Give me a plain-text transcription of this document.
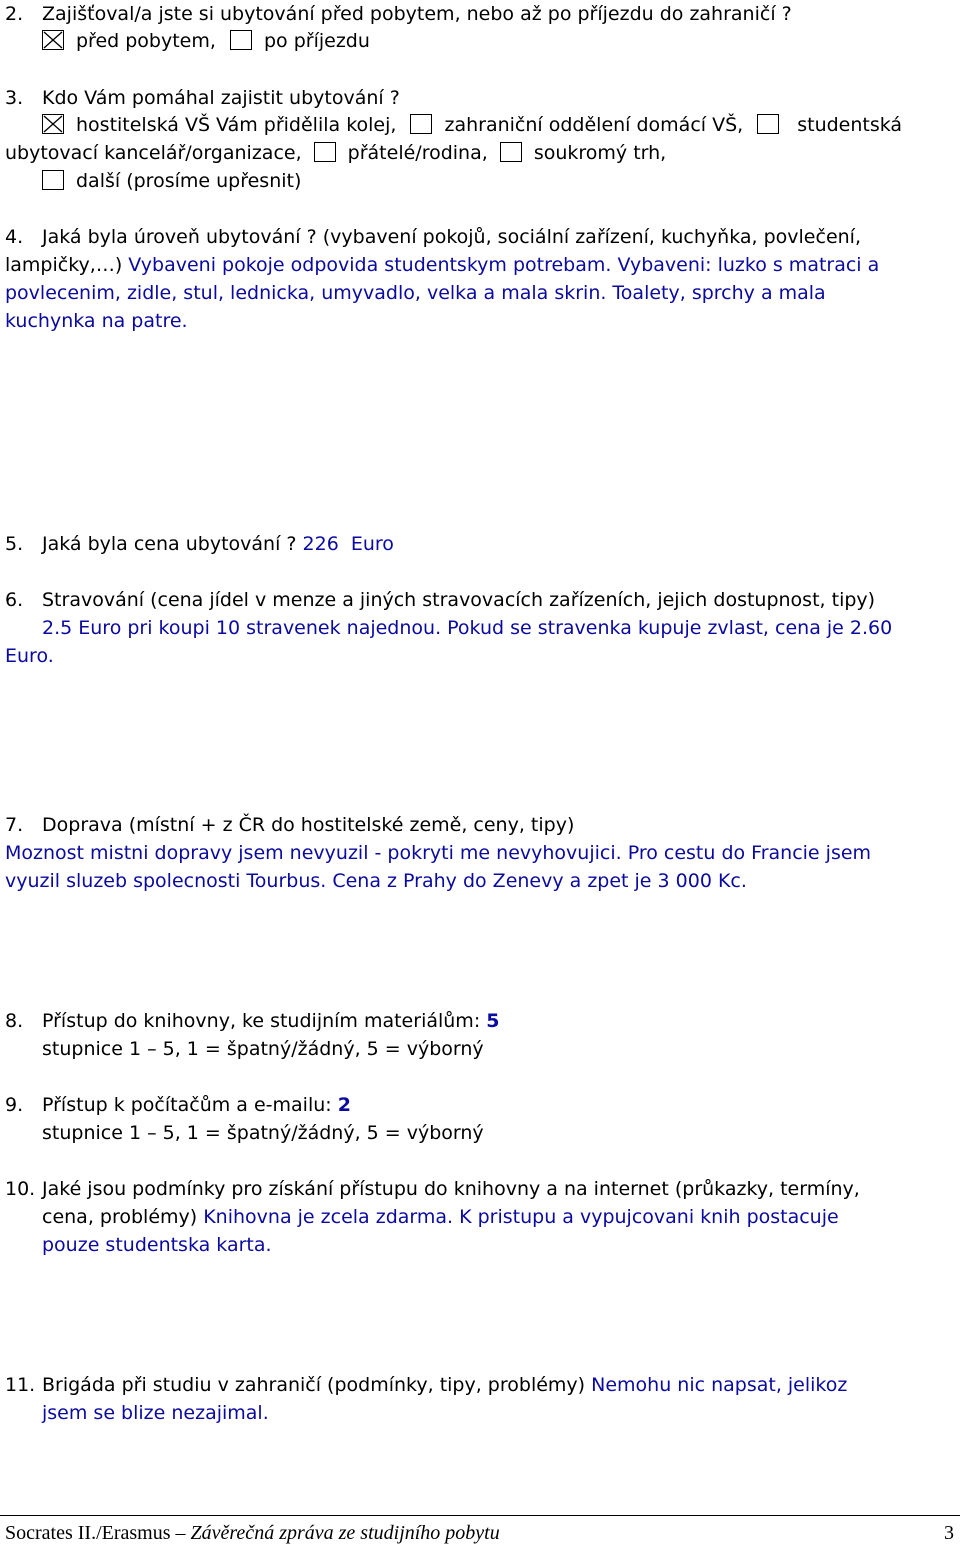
2. Zajišťoval/a jste si ubytování před pobytem, nebo až po příjezdu do zahraničí ?
před pobytem,	po příjezdu
3. Kdo Vám pomáhal zajistit ubytování ?
hostitelská VŠ Vám přidělila kolej,	zahraniční oddělení domácí VŠ,	studentská
ubytovací kancelář/organizace, přátelé/rodina, soukromý trh,
další (prosíme upřesnit)
4. Jaká byla úroveň ubytování ? (vybavení pokojů, sociální zařízení, kuchyňka, povlečení,
lampičky,…) Vybaveni pokoje odpovida studentskym potrebam. Vybaveni: luzko s matraci a
povlecenim, zidle, stul, lednicka, umyvadlo, velka a mala skrin. Toalety, sprchy a mala
kuchynka na patre.
5. Jaká byla cena ubytování ? 226  Euro
6. Stravování (cena jídel v menze a jiných stravovacích zařízeních, jejich dostupnost, tipy)
2.5 Euro pri koupi 10 stravenek najednou. Pokud se stravenka kupuje zvlast, cena je 2.60
Euro.
7. Doprava (místní + z ČR do hostitelské země, ceny, tipy)
Moznost mistni dopravy jsem nevyuzil - pokryti me nevyhovujici. Pro cestu do Francie jsem
vyuzil sluzeb spolecnosti Tourbus. Cena z Prahy do Zenevy a zpet je 3 000 Kc.
8. Přístup do knihovny, ke studijním materiálům: 5
stupnice 1 – 5, 1 = špatný/žádný, 5 = výborný
9. Přístup k počítačům a e-mailu: 2
stupnice 1 – 5, 1 = špatný/žádný, 5 = výborný
10. Jaké jsou podmínky pro získání přístupu do knihovny a na internet (průkazky, termíny,
cena, problémy) Knihovna je zcela zdarma. K pristupu a vypujcovani knih postacuje
pouze studentska karta.
11. Brigáda při studiu v zahraničí (podmínky, tipy, problémy) Nemohu nic napsat, jelikoz
jsem se blize nezajimal.
Socrates II./Erasmus – Závěrečná zpráva ze studijního pobytu	3
